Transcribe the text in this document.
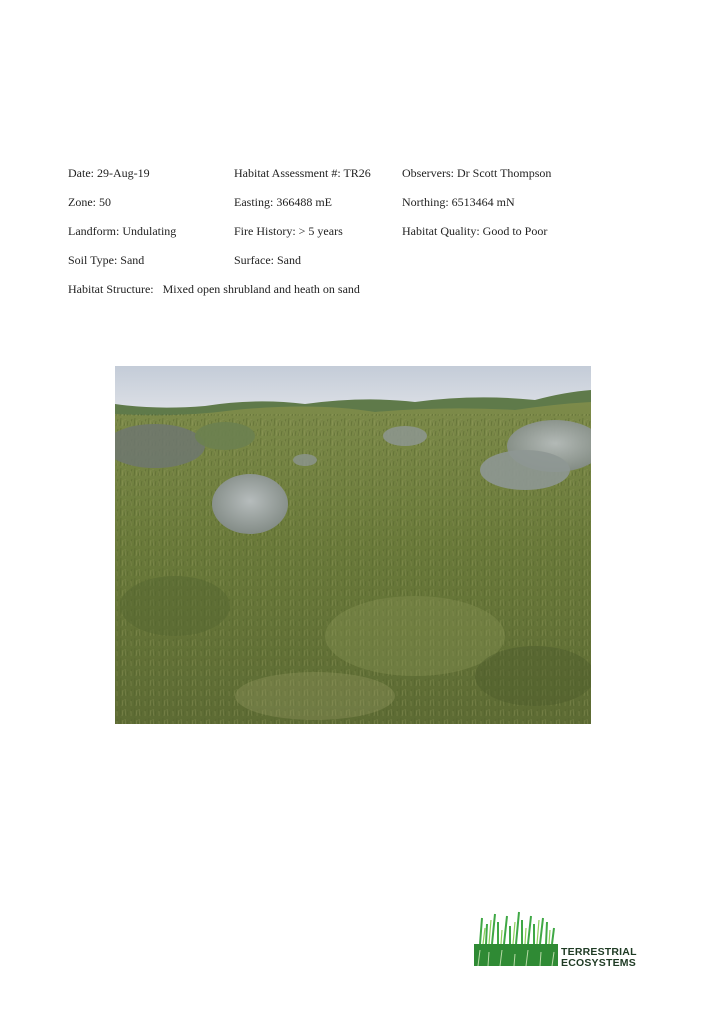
Date: 29-Aug-19	Habitat Assessment #: TR26	Observers: Dr Scott Thompson
Zone: 50	Easting: 366488 mE	Northing: 6513464 mN
Landform: Undulating	Fire History: > 5 years	Habitat Quality: Good to Poor
Soil Type: Sand	Surface: Sand
Habitat Structure:   Mixed open shrubland and heath on sand
TERRESTRIAL
ECOSYSTEMS
